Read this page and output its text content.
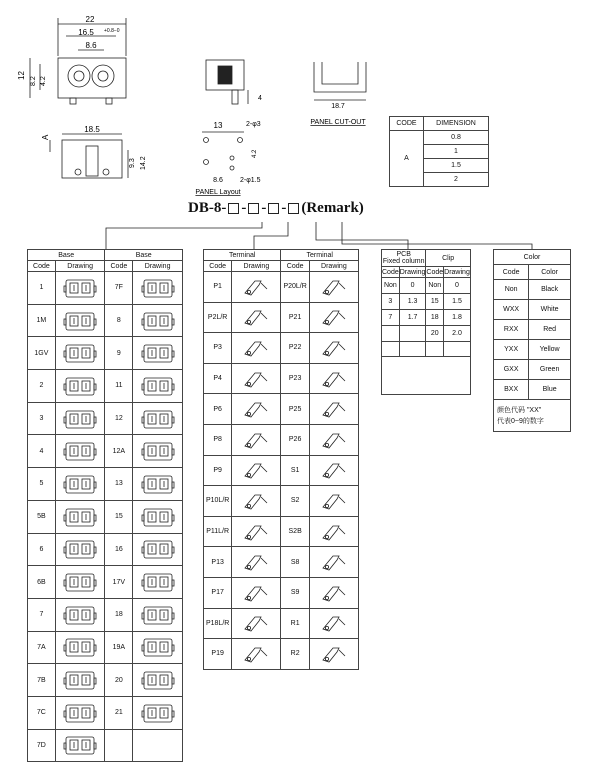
22
16.5 +0.8−0
8.6
12
8.2 4.2
4
18.7
PANEL CUT-OUT
18.5
A
9.3 14.2
13	2-φ3
4.2
8.6 2-φ1.5
PANEL Layout
CODE	DIMENSION
A	0.8
	1
	1.5
	2
DB-8- - - - (Remark)
Base		Base	
Code	Drawing	Code	Drawing
1		7F	

1M		8	

1GV		9	

2		11	

3		12	

4		12A	

5		13	

5B		15	

6		16	

6B		17V	

7		18	

7A		19A	

7B		20	

7C		21	

7D	

Terminal		Terminal	
Code	Drawing	Code	Drawing
P1		P20L/R	

P2L/R		P21	

P3		P22	

P4		P23	

P6		P25	

P8		P26	

P9		S1	

P10L/R		S2	

P11L/R		S2B	

P13		S8	

P17		S9	

P18L/R		R1	

P19		R2	
PCB
Fixed column		Clip	
Code	Drawing	Code	Drawing
Non	0	Non	0
3	1.3	15	1.5
7	1.7	18	1.8
		20	2.0

Color	
Code	Color
Non	Black
WXX	White
RXX	Red
YXX	Yellow
GXX	Green
BXX	Blue
颜色代码 "XX"
代表0~9的数字	
